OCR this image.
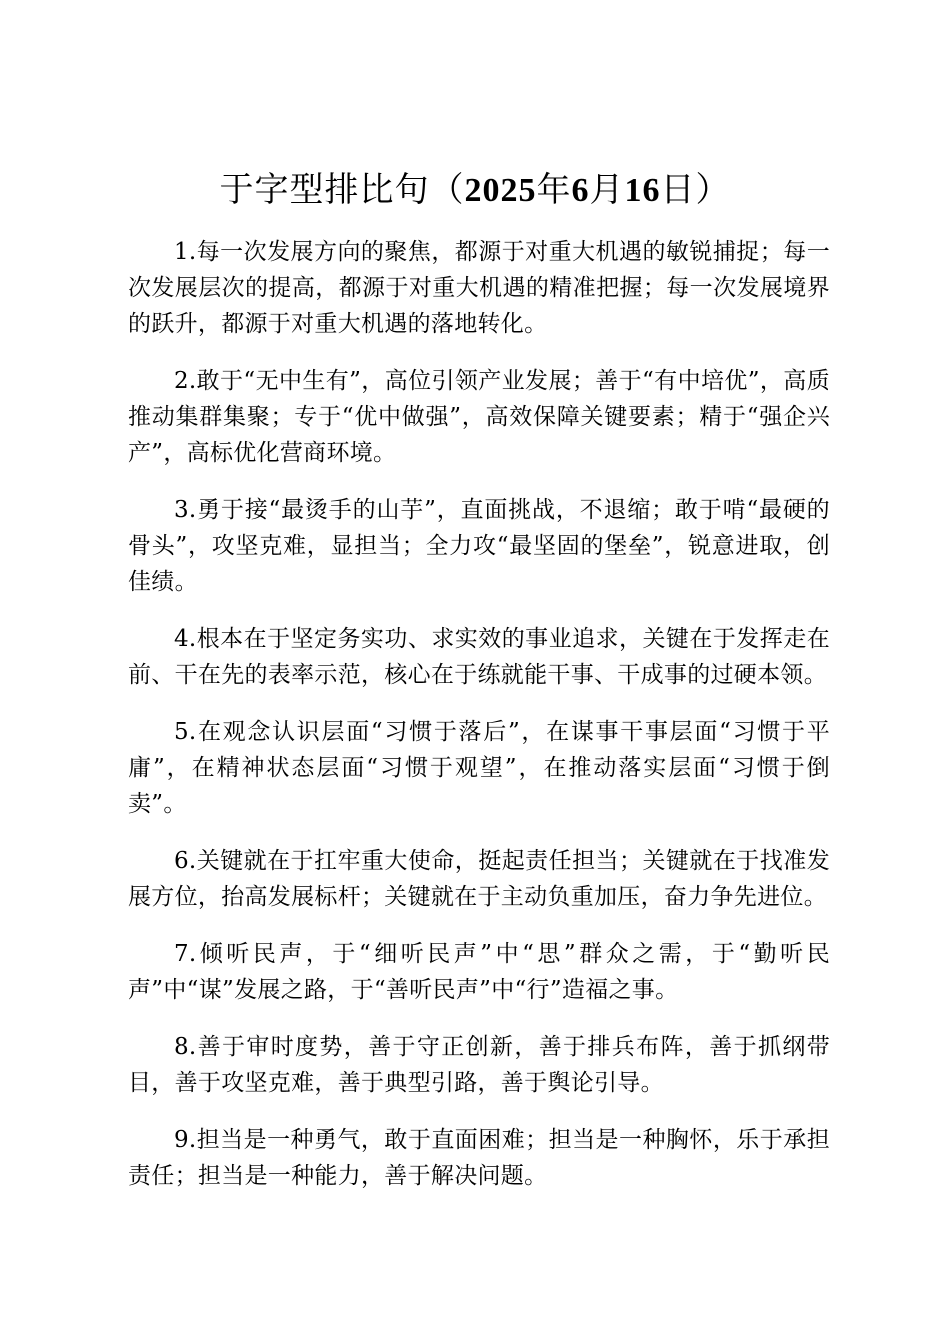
于字型排比句（2025年6月16日）

1.每一次发展方向的聚焦，都源于对重大机遇的敏锐捕捉；每一次发展层次的提高，都源于对重大机遇的精准把握；每一次发展境界的跃升，都源于对重大机遇的落地转化。

2.敢于“无中生有”，高位引领产业发展；善于“有中培优”，高质推动集群集聚；专于“优中做强”，高效保障关键要素；精于“强企兴产”，高标优化营商环境。

3.勇于接“最烫手的山芋”，直面挑战，不退缩；敢于啃“最硬的骨头”，攻坚克难，显担当；全力攻“最坚固的堡垒”，锐意进取，创佳绩。

4.根本在于坚定务实功、求实效的事业追求，关键在于发挥走在前、干在先的表率示范，核心在于练就能干事、干成事的过硬本领。

5.在观念认识层面“习惯于落后”，在谋事干事层面“习惯于平庸”，在精神状态层面“习惯于观望”，在推动落实层面“习惯于倒卖”。

6.关键就在于扛牢重大使命，挺起责任担当；关键就在于找准发展方位，抬高发展标杆；关键就在于主动负重加压，奋力争先进位。

7.倾听民声，于“细听民声”中“思”群众之需，于“勤听民声”中“谋”发展之路，于“善听民声”中“行”造福之事。

8.善于审时度势，善于守正创新，善于排兵布阵，善于抓纲带目，善于攻坚克难，善于典型引路，善于舆论引导。

9.担当是一种勇气，敢于直面困难；担当是一种胸怀，乐于承担责任；担当是一种能力，善于解决问题。
